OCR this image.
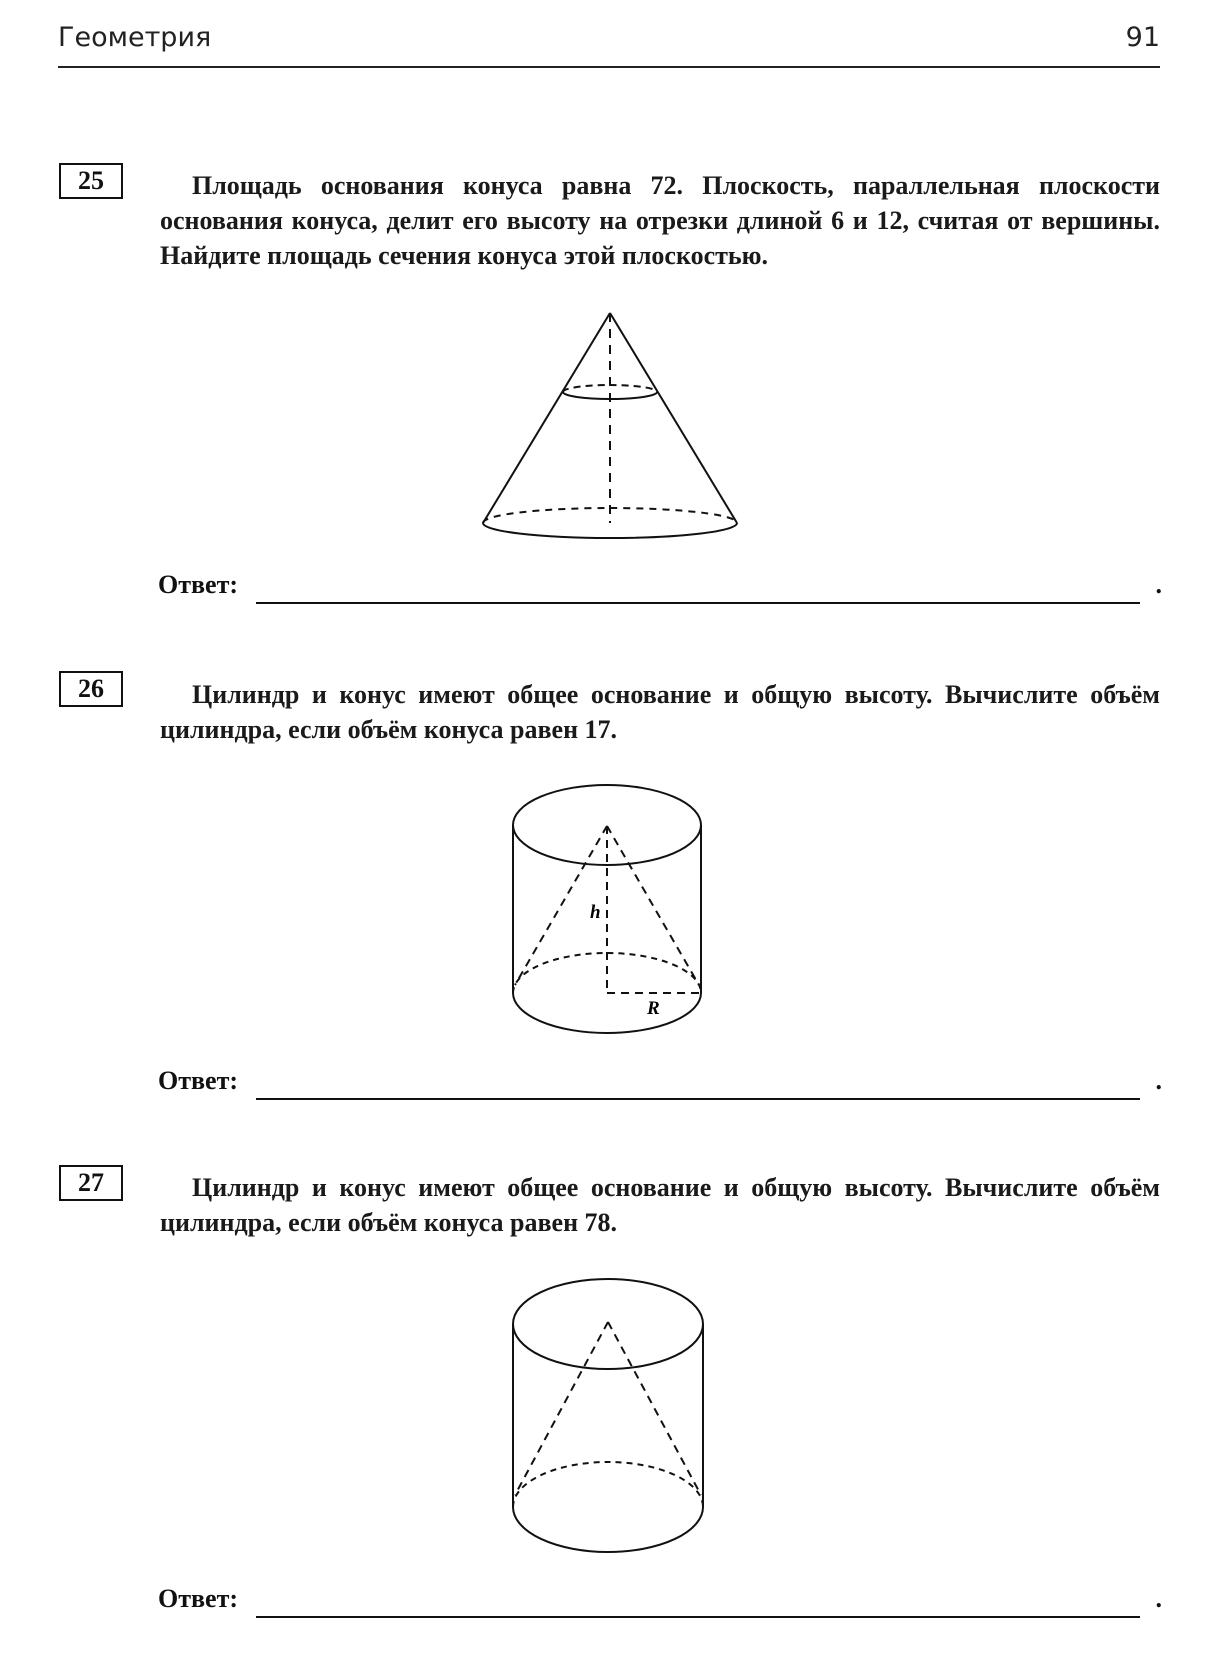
Геометрия	91
25	Площадь основания конуса равна 72. Плоскость, параллельная плоскости основания конуса, делит его высоту на отрезки длиной 6 и 12, считая от вершины. Найдите площадь сечения конуса этой плоскостью.

h
R
Ответ:	.
26	Цилиндр и конус имеют общее основание и общую высоту. Вычислите объём цилиндра, если объём конуса равен 17.

Ответ:	.
27	Цилиндр и конус имеют общее основание и общую высоту. Вычислите объём цилиндра, если объём конуса равен 78.

Ответ:	.
